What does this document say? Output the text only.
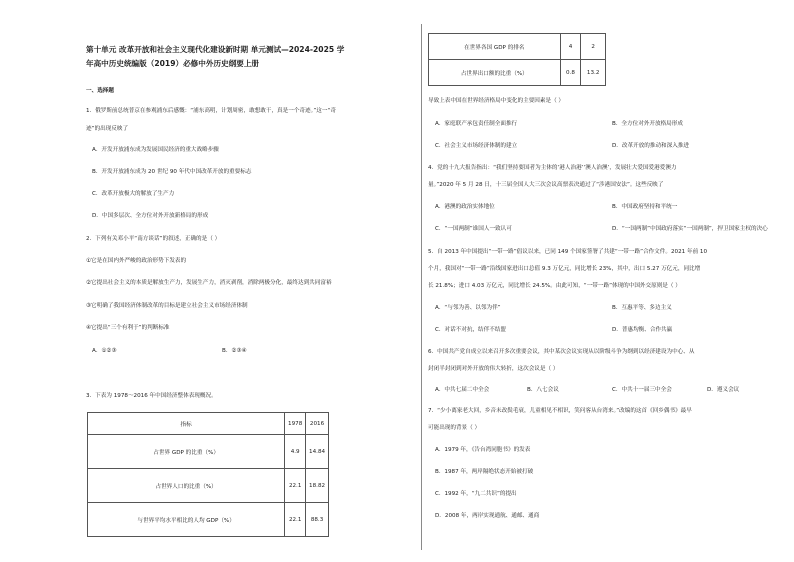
第十单元 改革开放和社会主义现代化建设新时期 单元测试—2024-2025 学
年高中历史统编版（2019）必修中外历史纲要上册
一、选择题
1．俄罗斯前总统普京在参观浦东后感慨：“浦东高明，计划周密，敢想敢干，真是一个奇迹。”这一“奇
迹”的出现反映了
A．开发开放浦东成为发展国民经济的重大战略步骤
B．开发开放浦东成为 20 世纪 90 年代中国改革开放的重要标志
C．改革开放极大的解放了生产力
D．中国多层次、全方位对外开放新格局的形成
2．下列有关邓小平“南方谈话”的叙述，正确的是（ ）
①它是在国内外严峻的政治形势下发表的
②它提出社会主义的本质是解放生产力，发展生产力，消灭剥削，消除两极分化，最终达到共同富裕
③它明确了我国经济体制改革的目标是建立社会主义市场经济体制
④它提出“三个有利于”的判断标准
A．①②③	B．②③④
3．下表为 1978～2016 年中国经济整体表现概况。
指标	1978	2016
占世界 GDP 的比重（%）	4.9	14.84
占世界人口的比重（%）	22.1	18.82
与世界平均水平相比的人均 GDP（%）	22.1	88.3
在世界各国 GDP 的排名	4	2
占世界出口额的比重（%）	0.8	13.2
导致上表中国在世界经济格局中变化的主要因素是（ ）
A．家庭联产承包责任制全面推行	B．全方位对外开放格局形成
C．社会主义市场经济体制的建立	D．改革开放的推动和深入推进
4．党的十九大报告指出：“我们坚持要国者为主体的‘港人治港’‘澳人治澳’，发展壮大爱国爱港爱澳力
量。”2020 年 5 月 28 日，十三届全国人大三次会议高票表决通过了“涉港国安法”。这些反映了
A．港澳的政治实体地位	B．中国政府坚持和平统一
C．“一国两制”谁国人一致认可	D．“一国两制”中国政府落实“一国两制”，捍卫国家主权的决心
5．自 2013 年中国提出“一带一路”倡议以来，已同 149 个国家签署了共建“一带一路”合作文件。2021 年前 10
个月，我国对“一带一路”沿线国家进出口总值 9.3 万亿元，同比增长 23%，其中，出口 5.27 万亿元，同比增
长 21.8%；进口 4.03 万亿元，同比增长 24.5%。由此可知，“一带一路”体现的中国外交原则是（ ）
A．“与邻为善、以邻为伴”	B．互惠平等、多边主义
C．对话不对抗，结伴不结盟	D．普惠均衡、合作共赢
6．中国共产党自成立以来召开多次重要会议，其中某次会议实现从以阶级斗争为纲到以经济建设为中心、从
封闭半封闭到对外开放的伟大转折，这次会议是（ ）
A．中共七届二中全会	B．八七会议	C．中共十一届三中全会	D．遵义会议
7．“少小离家老大回，乡音未改鬓毛衰，儿童相见不相识，笑问客从台湾来。”改编的这首《回乡偶书》最早
可能出现的背景（ ）
A．1979 年，《告台湾同胞书》的发表
B．1987 年，两岸隔绝状态开始被打破
C．1992 年，“九二共识”的提出
D．2008 年，两岸实现通航、通邮、通商
